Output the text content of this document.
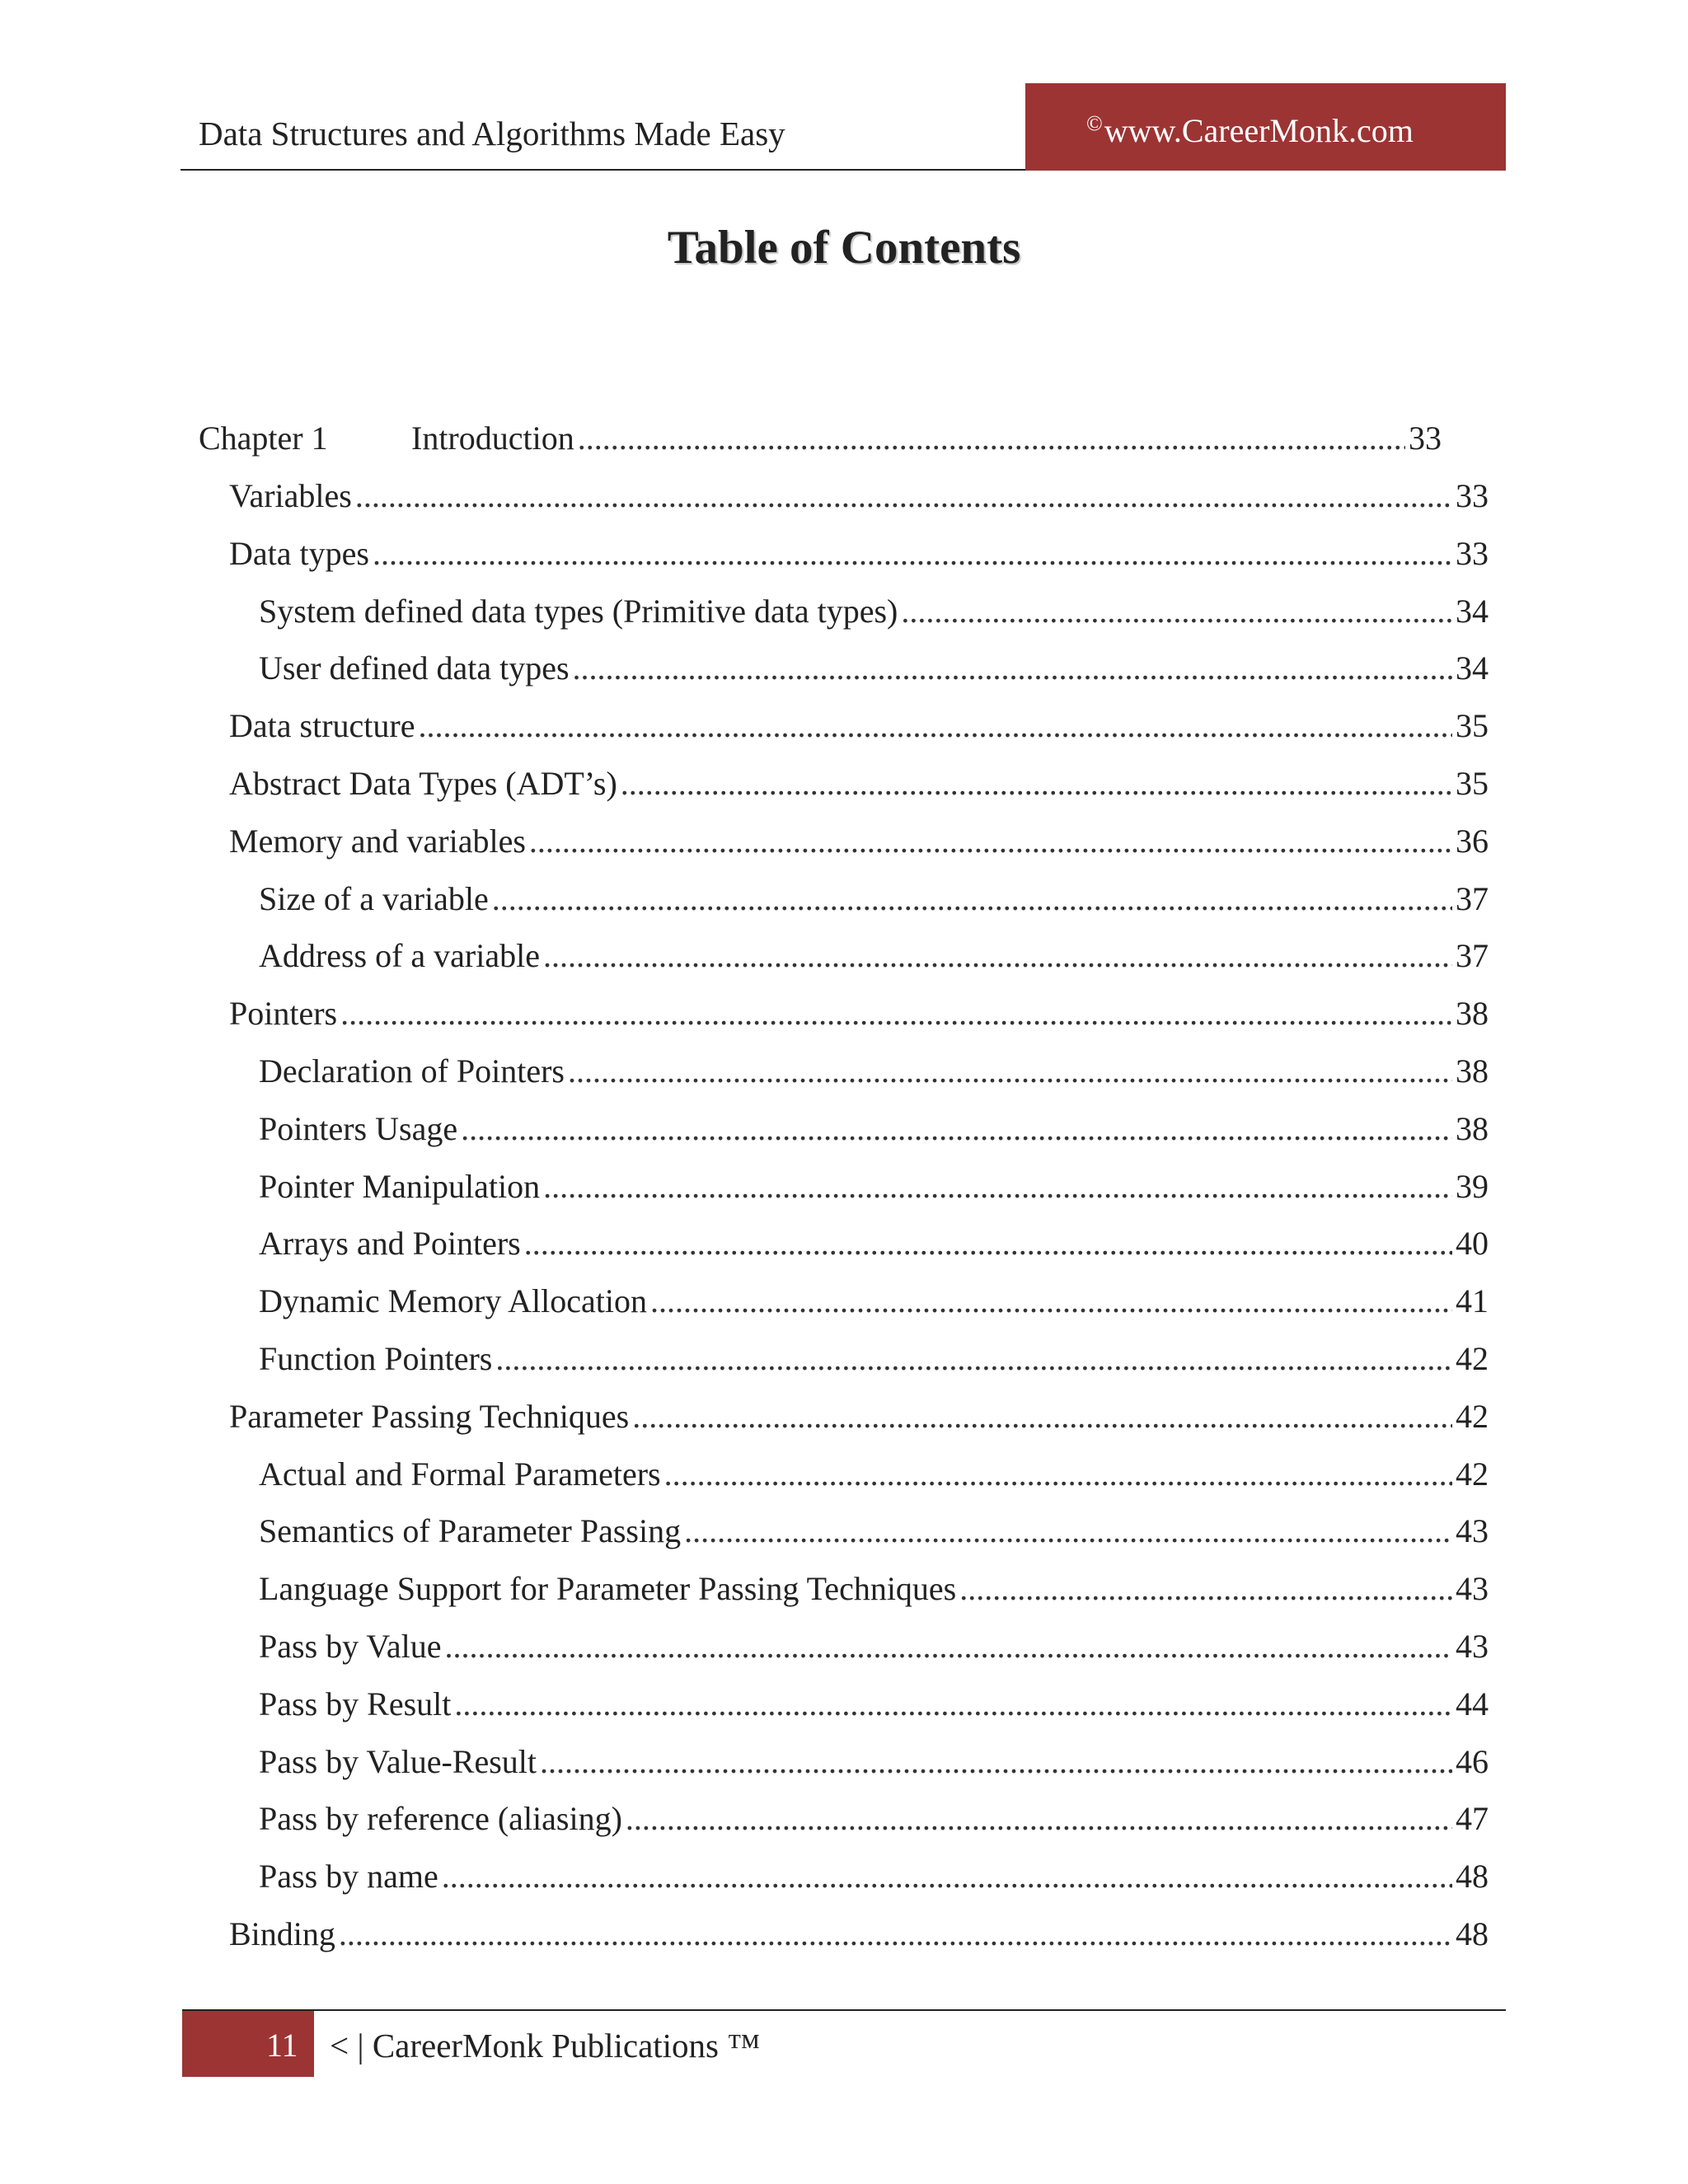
Data Structures and Algorithms Made Easy	©www.CareerMonk.com
Table of Contents
Chapter 1	Introduction .....	33
Variables .....	33
Data types .....	33
System defined data types (Primitive data types) .....	34
User defined data types .....	34
Data structure .....	35
Abstract Data Types (ADT’s) .....	35
Memory and variables .....	36
Size of a variable .....	37
Address of a variable .....	37
Pointers .....	38
Declaration of Pointers .....	38
Pointers Usage .....	38
Pointer Manipulation .....	39
Arrays and Pointers .....	40
Dynamic Memory Allocation .....	41
Function Pointers .....	42
Parameter Passing Techniques .....	42
Actual and Formal Parameters .....	42
Semantics of Parameter Passing .....	43
Language Support for Parameter Passing Techniques .....	43
Pass by Value .....	43
Pass by Result .....	44
Pass by Value-Result .....	46
Pass by reference (aliasing) .....	47
Pass by name .....	48
Binding .....	48
11 < | CareerMonk Publications ™
